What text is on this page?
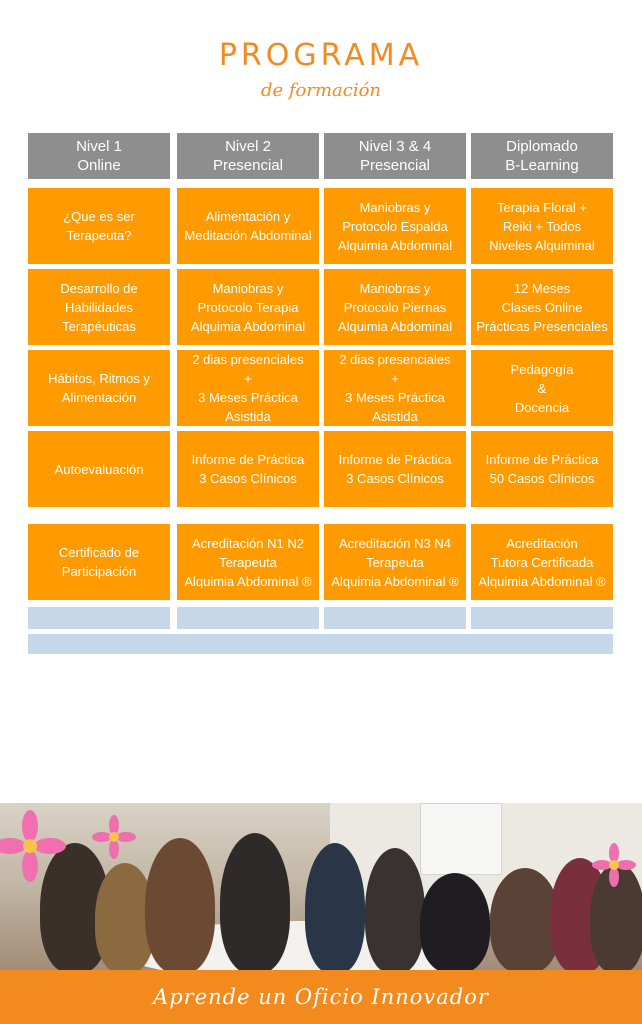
PROGRAMA
de formación
Nivel 1
Online
Nivel 2
Presencial
Nivel 3 & 4
Presencial
Diplomado
B-Learning
¿Que es ser
Terapeuta?
Alimentación y
Meditación Abdominal
Maniobras y
Protocolo Espalda
Alquimia Abdominal
Terapia Floral +
Reiki + Todos
Niveles Alquiminal
Desarrollo de
Habilidades
Terapéuticas
Maniobras y
Protocolo Terapia
Alquimia Abdominal
Maniobras y
Protocolo Piernas
Alquimia Abdominal
12 Meses
Clases Online
Prácticas Presenciales
Hábitos, Ritmos y
Alimentación
2 dias presenciales
+
3 Meses Práctica
Asistida
2 dias presenciales
+
3 Meses Práctica
Asistida
Pedagogía
&
Docencia
Autoevaluación
Informe de Práctica
3 Casos Clínicos
Informe de Práctica
3 Casos Clínicos
Informe de Práctica
50 Casos Clínicos
Certificado de
Participación
Acreditación N1 N2
Terapeuta
Alquimia Abdominal ®
Acreditación N3 N4
Terapeuta
Alquimia Abdominal ®
Acreditación
Tutora Certificada
Alquimia Abdominal ®
Aprende un Oficio Innovador
